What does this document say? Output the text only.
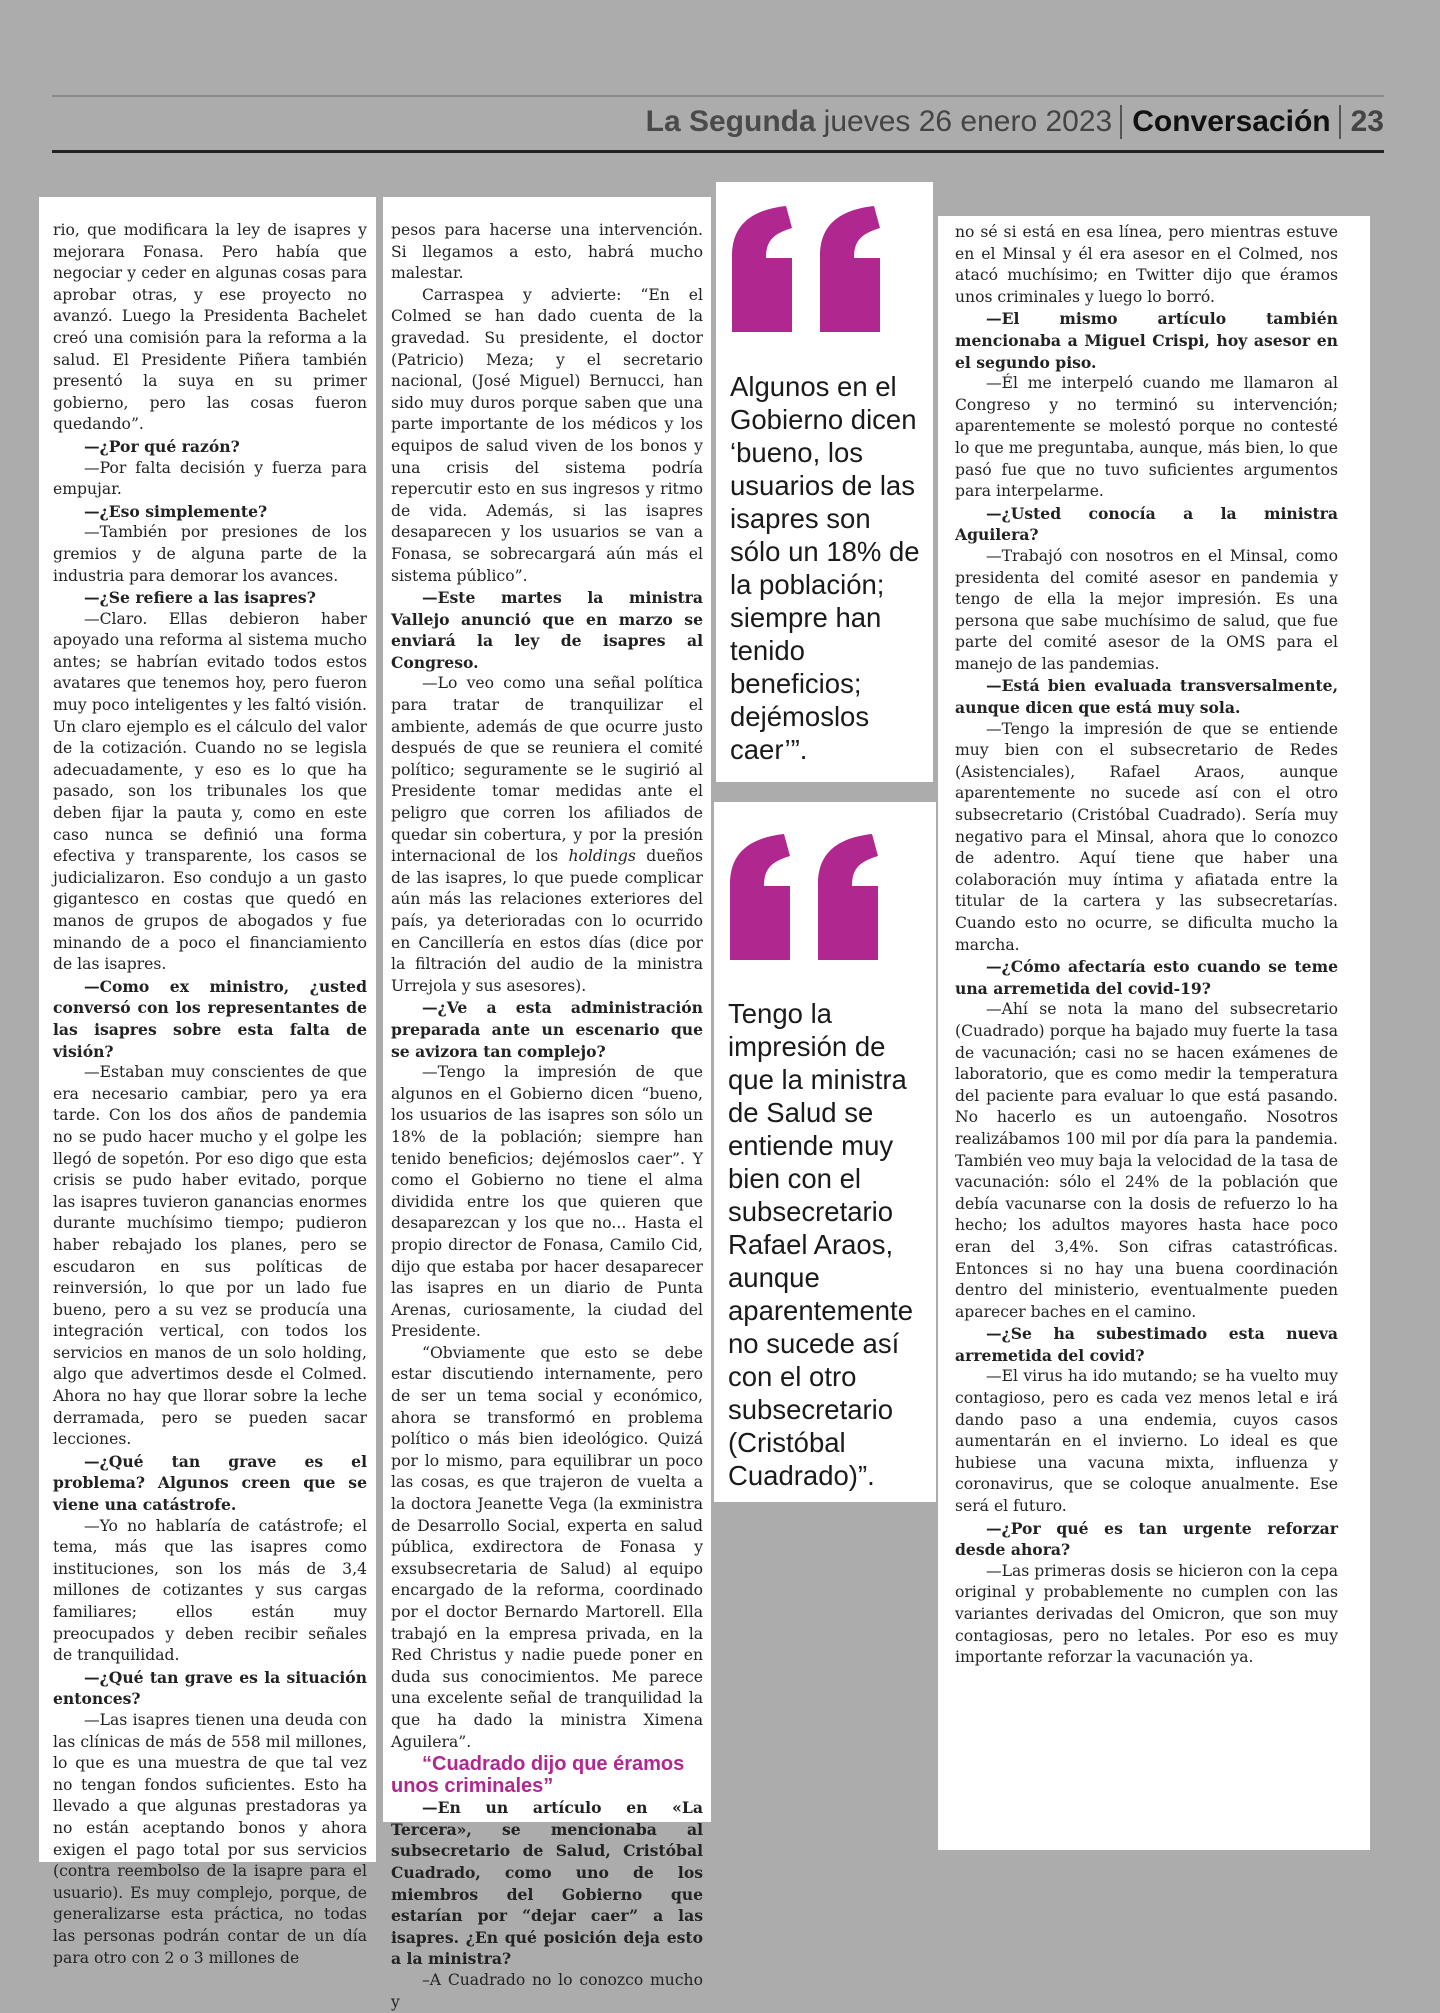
La Segunda jueves 26 enero 2023 Conversación 23

rio, que modificara la ley de isapres y mejorara Fonasa. Pero había que negociar y ceder en algunas cosas para aprobar otras, y ese proyecto no avanzó. Luego la Presidenta Bachelet creó una comisión para la reforma a la salud. El Presidente Piñera también presentó la suya en su primer gobierno, pero las cosas fueron quedando”.

—¿Por qué razón?

—Por falta decisión y fuerza para empujar.

—¿Eso simplemente?

—También por presiones de los gremios y de alguna parte de la industria para demorar los avances.

—¿Se refiere a las isapres?

—Claro. Ellas debieron haber apoyado una reforma al sistema mucho antes; se habrían evitado todos estos avatares que tenemos hoy, pero fueron muy poco inteligentes y les faltó visión. Un claro ejemplo es el cálculo del valor de la cotización. Cuando no se legisla adecuadamente, y eso es lo que ha pasado, son los tribunales los que deben fijar la pauta y, como en este caso nunca se definió una forma efectiva y transparente, los casos se judicializaron. Eso condujo a un gasto gigantesco en costas que quedó en manos de grupos de abogados y fue minando de a poco el financiamiento de las isapres.

—Como ex ministro, ¿usted conversó con los representantes de las isapres sobre esta falta de visión?

—Estaban muy conscientes de que era necesario cambiar, pero ya era tarde. Con los dos años de pandemia no se pudo hacer mucho y el golpe les llegó de sopetón. Por eso digo que esta crisis se pudo haber evitado, porque las isapres tuvieron ganancias enormes durante muchísimo tiempo; pudieron haber rebajado los planes, pero se escudaron en sus políticas de reinversión, lo que por un lado fue bueno, pero a su vez se producía una integración vertical, con todos los servicios en manos de un solo holding, algo que advertimos desde el Colmed. Ahora no hay que llorar sobre la leche derramada, pero se pueden sacar lecciones.

—¿Qué tan grave es el problema? Algunos creen que se viene una catástrofe.

—Yo no hablaría de catástrofe; el tema, más que las isapres como instituciones, son los más de 3,4 millones de cotizantes y sus cargas familiares; ellos están muy preocupados y deben recibir señales de tranquilidad.

—¿Qué tan grave es la situación entonces?

—Las isapres tienen una deuda con las clínicas de más de 558 mil millones, lo que es una muestra de que tal vez no tengan fondos suficientes. Esto ha llevado a que algunas prestadoras ya no están aceptando bonos y ahora exigen el pago total por sus servicios (contra reembolso de la isapre para el usuario). Es muy complejo, porque, de generalizarse esta práctica, no todas las personas podrán contar de un día para otro con 2 o 3 millones de

pesos para hacerse una intervención. Si llegamos a esto, habrá mucho malestar.

Carraspea y advierte: “En el Colmed se han dado cuenta de la gravedad. Su presidente, el doctor (Patricio) Meza; y el secretario nacional, (José Miguel) Bernucci, han sido muy duros porque saben que una parte importante de los médicos y los equipos de salud viven de los bonos y una crisis del sistema podría repercutir esto en sus ingresos y ritmo de vida. Además, si las isapres desaparecen y los usuarios se van a Fonasa, se sobrecargará aún más el sistema público”.

—Este martes la ministra Vallejo anunció que en marzo se enviará la ley de isapres al Congreso.

—Lo veo como una señal política para tratar de tranquilizar el ambiente, además de que ocurre justo después de que se reuniera el comité político; seguramente se le sugirió al Presidente tomar medidas ante el peligro que corren los afiliados de quedar sin cobertura, y por la presión internacional de los holdings dueños de las isapres, lo que puede complicar aún más las relaciones exteriores del país, ya deterioradas con lo ocurrido en Cancillería en estos días (dice por la filtración del audio de la ministra Urrejola y sus asesores).

—¿Ve a esta administración preparada ante un escenario que se avizora tan complejo?

—Tengo la impresión de que algunos en el Gobierno dicen “bueno, los usuarios de las isapres son sólo un 18% de la población; siempre han tenido beneficios; dejémoslos caer”. Y como el Gobierno no tiene el alma dividida entre los que quieren que desaparezcan y los que no... Hasta el propio director de Fonasa, Camilo Cid, dijo que estaba por hacer desaparecer las isapres en un diario de Punta Arenas, curiosamente, la ciudad del Presidente.

“Obviamente que esto se debe estar discutiendo internamente, pero de ser un tema social y económico, ahora se transformó en problema político o más bien ideológico. Quizá por lo mismo, para equilibrar un poco las cosas, es que trajeron de vuelta a la doctora Jeanette Vega (la exministra de Desarrollo Social, experta en salud pública, exdirectora de Fonasa y exsubsecretaria de Salud) al equipo encargado de la reforma, coordinado por el doctor Bernardo Martorell. Ella trabajó en la empresa privada, en la Red Christus y nadie puede poner en duda sus conocimientos. Me parece una excelente señal de tranquilidad la que ha dado la ministra Ximena Aguilera”.

“Cuadrado dijo que éramos unos criminales”

—En un artículo en «La Tercera», se mencionaba al subsecretario de Salud, Cristóbal Cuadrado, como uno de los miembros del Gobierno que estarían por “dejar caer” a las isapres. ¿En qué posición deja esto a la ministra?

–A Cuadrado no lo conozco mucho y

Algunos en el Gobierno dicen ‘bueno, los usuarios de las isapres son sólo un 18% de la población; siempre han tenido beneficios; dejémoslos caer’”.
Tengo la impresión de que la ministra de Salud se entiende muy bien con el subsecretario Rafael Araos, aunque aparentemente no sucede así con el otro subsecretario (Cristóbal Cuadrado)”.

no sé si está en esa línea, pero mientras estuve en el Minsal y él era asesor en el Colmed, nos atacó muchísimo; en Twitter dijo que éramos unos criminales y luego lo borró.

—El mismo artículo también mencionaba a Miguel Crispi, hoy asesor en el segundo piso.

—Él me interpeló cuando me llamaron al Congreso y no terminó su intervención; aparentemente se molestó porque no contesté lo que me preguntaba, aunque, más bien, lo que pasó fue que no tuvo suficientes argumentos para interpelarme.

—¿Usted conocía a la ministra Aguilera?

—Trabajó con nosotros en el Minsal, como presidenta del comité asesor en pandemia y tengo de ella la mejor impresión. Es una persona que sabe muchísimo de salud, que fue parte del comité asesor de la OMS para el manejo de las pandemias.

—Está bien evaluada transversalmente, aunque dicen que está muy sola.

—Tengo la impresión de que se entiende muy bien con el subsecretario de Redes (Asistenciales), Rafael Araos, aunque aparentemente no sucede así con el otro subsecretario (Cristóbal Cuadrado). Sería muy negativo para el Minsal, ahora que lo conozco de adentro. Aquí tiene que haber una colaboración muy íntima y afiatada entre la titular de la cartera y las subsecretarías. Cuando esto no ocurre, se dificulta mucho la marcha.

—¿Cómo afectaría esto cuando se teme una arremetida del covid-19?

—Ahí se nota la mano del subsecretario (Cuadrado) porque ha bajado muy fuerte la tasa de vacunación; casi no se hacen exámenes de laboratorio, que es como medir la temperatura del paciente para evaluar lo que está pasando. No hacerlo es un autoengaño. Nosotros realizábamos 100 mil por día para la pandemia. También veo muy baja la velocidad de la tasa de vacunación: sólo el 24% de la población que debía vacunarse con la dosis de refuerzo lo ha hecho; los adultos mayores hasta hace poco eran del 3,4%. Son cifras catastróficas. Entonces si no hay una buena coordinación dentro del ministerio, eventualmente pueden aparecer baches en el camino.

—¿Se ha subestimado esta nueva arremetida del covid?

—El virus ha ido mutando; se ha vuelto muy contagioso, pero es cada vez menos letal e irá dando paso a una endemia, cuyos casos aumentarán en el invierno. Lo ideal es que hubiese una vacuna mixta, influenza y coronavirus, que se coloque anualmente. Ese será el futuro.

—¿Por qué es tan urgente reforzar desde ahora?

—Las primeras dosis se hicieron con la cepa original y probablemente no cumplen con las variantes derivadas del Omicron, que son muy contagiosas, pero no letales. Por eso es muy importante reforzar la vacunación ya.
